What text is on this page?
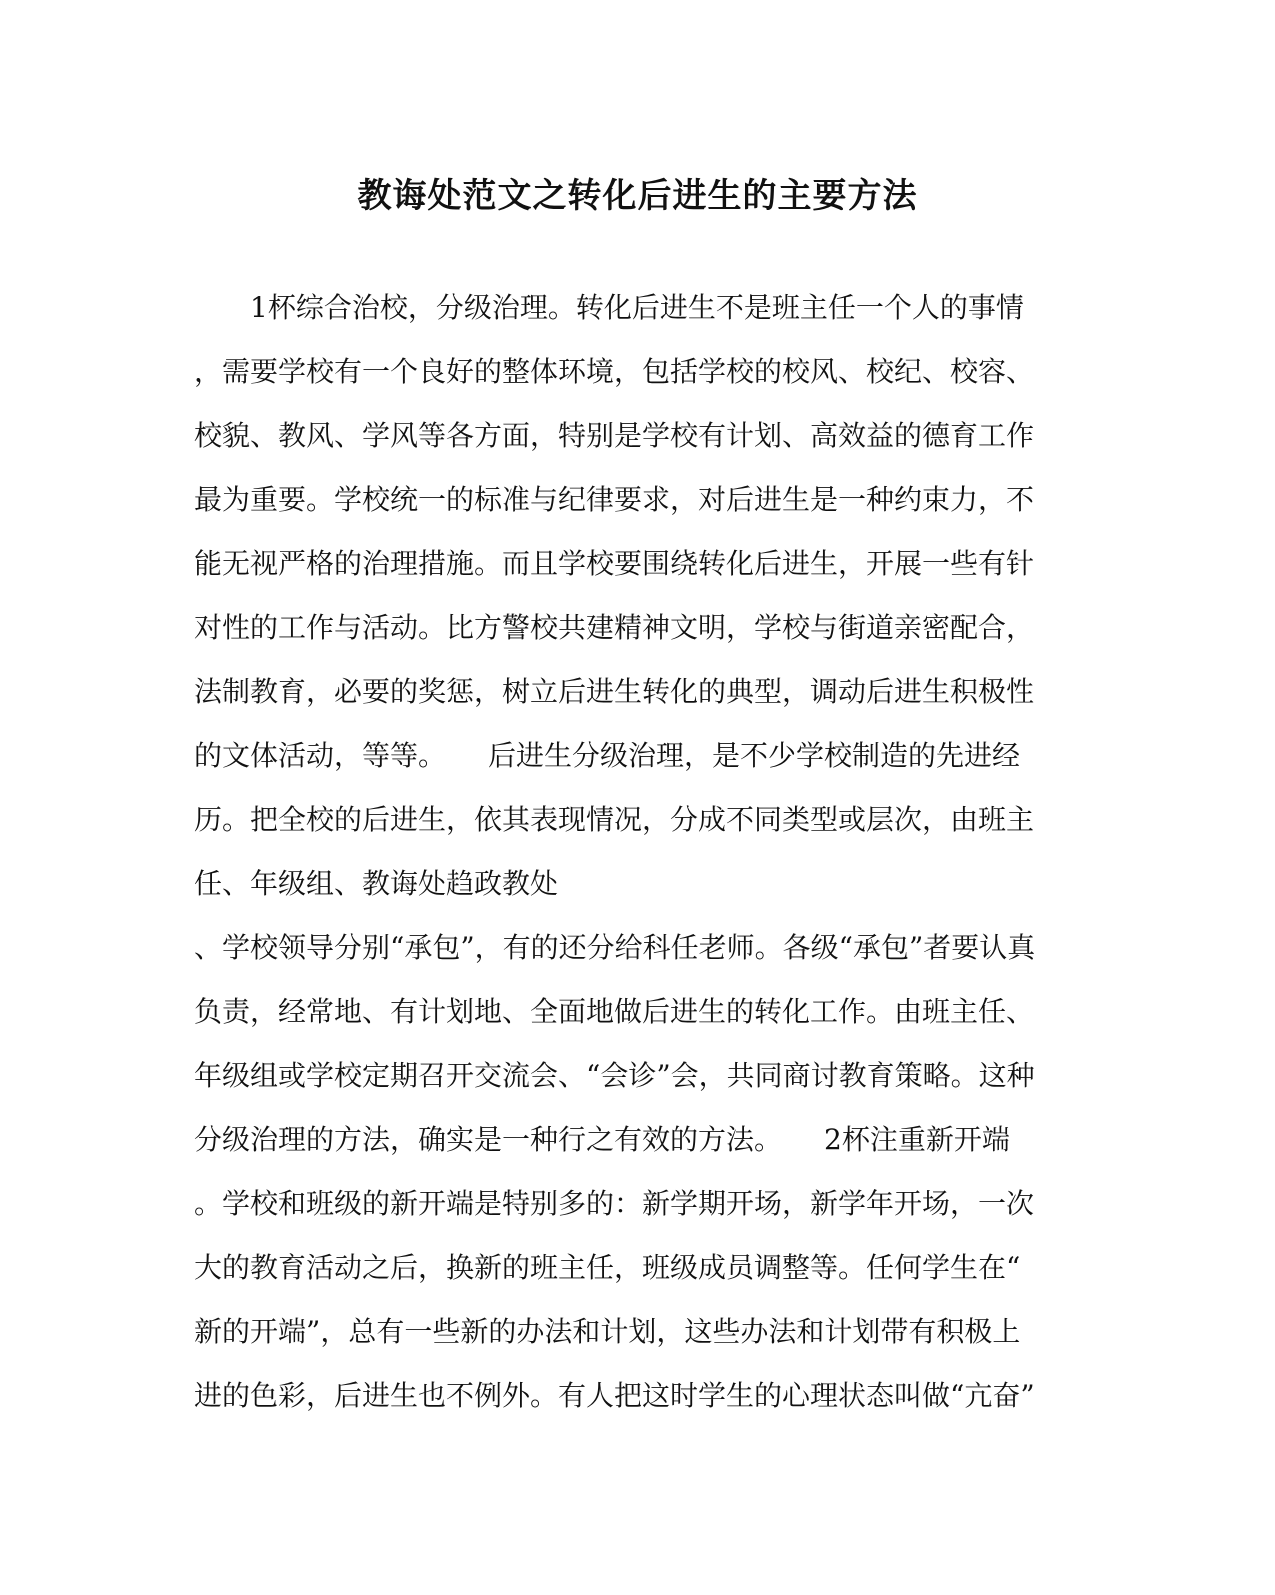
教诲处范文之转化后进生的主要方法
　　1杯综合治校，分级治理。转化后进生不是班主任一个人的事情
，需要学校有一个良好的整体环境，包括学校的校风、校纪、校容、
校貌、教风、学风等各方面，特别是学校有计划、高效益的德育工作
最为重要。学校统一的标准与纪律要求，对后进生是一种约束力，不
能无视严格的治理措施。而且学校要围绕转化后进生，开展一些有针
对性的工作与活动。比方警校共建精神文明，学校与街道亲密配合，
法制教育，必要的奖惩，树立后进生转化的典型，调动后进生积极性
的文体活动，等等。　　后进生分级治理，是不少学校制造的先进经
历。把全校的后进生，依其表现情况，分成不同类型或层次，由班主
任、年级组、教诲处趋政教处
、学校领导分别“承包”，有的还分给科任老师。各级“承包”者要认真
负责，经常地、有计划地、全面地做后进生的转化工作。由班主任、
年级组或学校定期召开交流会、“会诊”会，共同商讨教育策略。这种
分级治理的方法，确实是一种行之有效的方法。　　2杯注重新开端
。学校和班级的新开端是特别多的：新学期开场，新学年开场，一次
大的教育活动之后，换新的班主任，班级成员调整等。任何学生在“
新的开端”，总有一些新的办法和计划，这些办法和计划带有积极上
进的色彩，后进生也不例外。有人把这时学生的心理状态叫做“亢奋”
